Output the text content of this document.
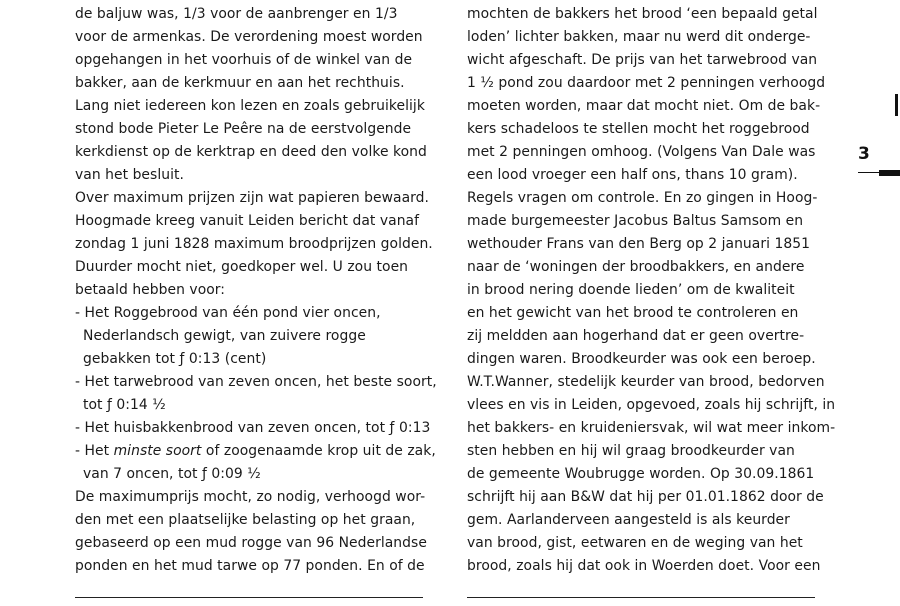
de baljuw was, 1/3 voor de aanbrenger en 1/3
voor de armenkas. De verordening moest worden
opgehangen in het voorhuis of de winkel van de
bakker, aan de kerkmuur en aan het rechthuis.
Lang niet iedereen kon lezen en zoals gebruikelijk
stond bode Pieter Le Peêre na de eerstvolgende
kerkdienst op de kerktrap en deed den volke kond
van het besluit.
Over maximum prijzen zijn wat papieren bewaard.
Hoogmade kreeg vanuit Leiden bericht dat vanaf
zondag 1 juni 1828 maximum broodprijzen golden.
Duurder mocht niet, goedkoper wel. U zou toen
betaald hebben voor:
- Het Roggebrood van één pond vier oncen,
Nederlandsch gewigt, van zuivere rogge
gebakken tot ƒ 0:13 (cent)
- Het tarwebrood van zeven oncen, het beste soort,
tot ƒ 0:14 ½
- Het huisbakkenbrood van zeven oncen, tot ƒ 0:13
- Het minste soort of zoogenaamde krop uit de zak,
van 7 oncen, tot ƒ 0:09 ½
De maximumprijs mocht, zo nodig, verhoogd wor-
den met een plaatselijke belasting op het graan,
gebaseerd op een mud rogge van 96 Nederlandse
ponden en het mud tarwe op 77 ponden. En of de
mochten de bakkers het brood ‘een bepaald getal
loden’ lichter bakken, maar nu werd dit onderge-
wicht afgeschaft. De prijs van het tarwebrood van
1 ½ pond zou daardoor met 2 penningen verhoogd
moeten worden, maar dat mocht niet. Om de bak-
kers schadeloos te stellen mocht het roggebrood
met 2 penningen omhoog. (Volgens Van Dale was
een lood vroeger een half ons, thans 10 gram).
Regels vragen om controle. En zo gingen in Hoog-
made burgemeester Jacobus Baltus Samsom en
wethouder Frans van den Berg op 2 januari 1851
naar de ‘woningen der broodbakkers, en andere
in brood nering doende lieden’ om de kwaliteit
en het gewicht van het brood te controleren en
zij meldden aan hogerhand dat er geen overtre-
dingen waren. Broodkeurder was ook een beroep.
W.T.Wanner, stedelijk keurder van brood, bedorven
vlees en vis in Leiden, opgevoed, zoals hij schrijft, in
het bakkers- en kruideniersvak, wil wat meer inkom-
sten hebben en hij wil graag broodkeurder van
de gemeente Woubrugge worden. Op 30.09.1861
schrijft hij aan B&W dat hij per 01.01.1862 door de
gem. Aarlanderveen aangesteld is als keurder
van brood, gist, eetwaren en de weging van het
brood, zoals hij dat ook in Woerden doet. Voor een
3
